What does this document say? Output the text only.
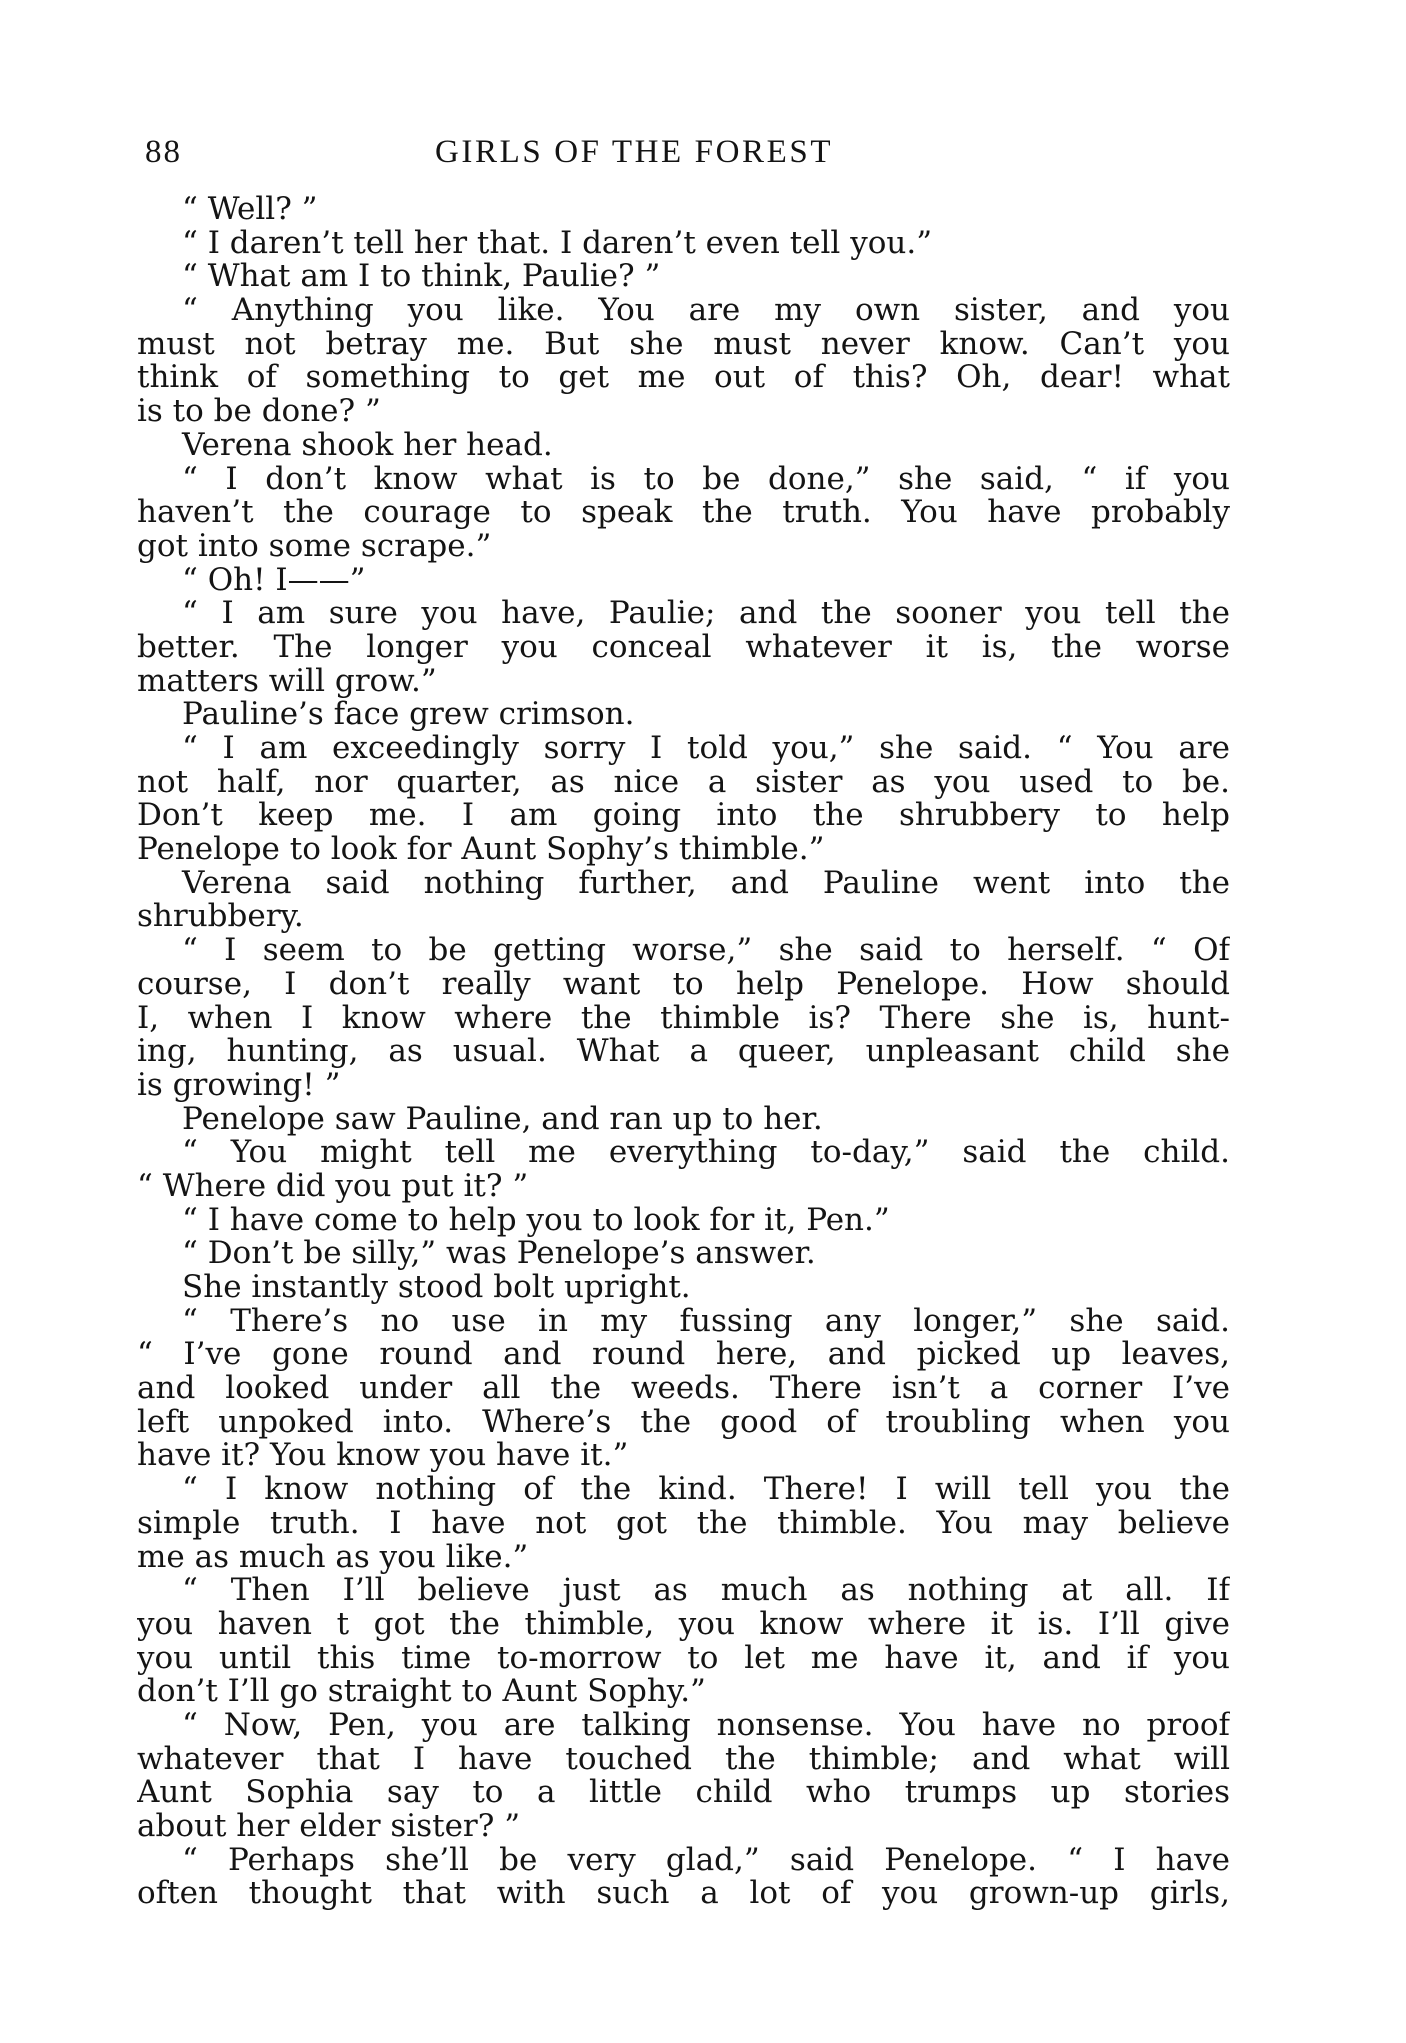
88	GIRLS OF THE FOREST
“ Well? ”
“ I daren’t tell her that. I daren’t even tell you.”
“ What am I to think, Paulie? ”
“ Anything you like. You are my own sister, and you
must not betray me. But she must never know. Can’t you
think of something to get me out of this? Oh, dear! what
is to be done? ”
Verena shook her head.
“ I don’t know what is to be done,” she said, “ if you
haven’t the courage to speak the truth. You have probably
got into some scrape.”
“ Oh! I——”
“ I am sure you have, Paulie; and the sooner you tell the
better. The longer you conceal whatever it is, the worse
matters will grow.”
Pauline’s face grew crimson.
“ I am exceedingly sorry I told you,” she said. “ You are
not half, nor quarter, as nice a sister as you used to be.
Don’t keep me. I am going into the shrubbery to help
Penelope to look for Aunt Sophy’s thimble.”
Verena said nothing further, and Pauline went into the
shrubbery.
“ I seem to be getting worse,” she said to herself. “ Of
course, I don’t really want to help Penelope. How should
I, when I know where the thimble is? There she is, hunt-
ing, hunting, as usual. What a queer, unpleasant child she
is growing! ”
Penelope saw Pauline, and ran up to her.
“ You might tell me everything to-day,” said the child.
“ Where did you put it? ”
“ I have come to help you to look for it, Pen.”
“ Don’t be silly,” was Penelope’s answer.
She instantly stood bolt upright.
“ There’s no use in my fussing any longer,” she said.
“ I’ve gone round and round here, and picked up leaves,
and looked under all the weeds. There isn’t a corner I’ve
left unpoked into. Where’s the good of troubling when you
have it? You know you have it.”
“ I know nothing of the kind. There! I will tell you the
simple truth. I have not got the thimble. You may believe
me as much as you like.”
“ Then I’ll believe just as much as nothing at all. If
you haven t got the thimble, you know where it is. I’ll give
you until this time to-morrow to let me have it, and if you
don’t I’ll go straight to Aunt Sophy.”
“ Now, Pen, you are talking nonsense. You have no proof
whatever that I have touched the thimble; and what will
Aunt Sophia say to a little child who trumps up stories
about her elder sister? ”
“ Perhaps she’ll be very glad,” said Penelope. “ I have
often thought that with such a lot of you grown-up girls,
